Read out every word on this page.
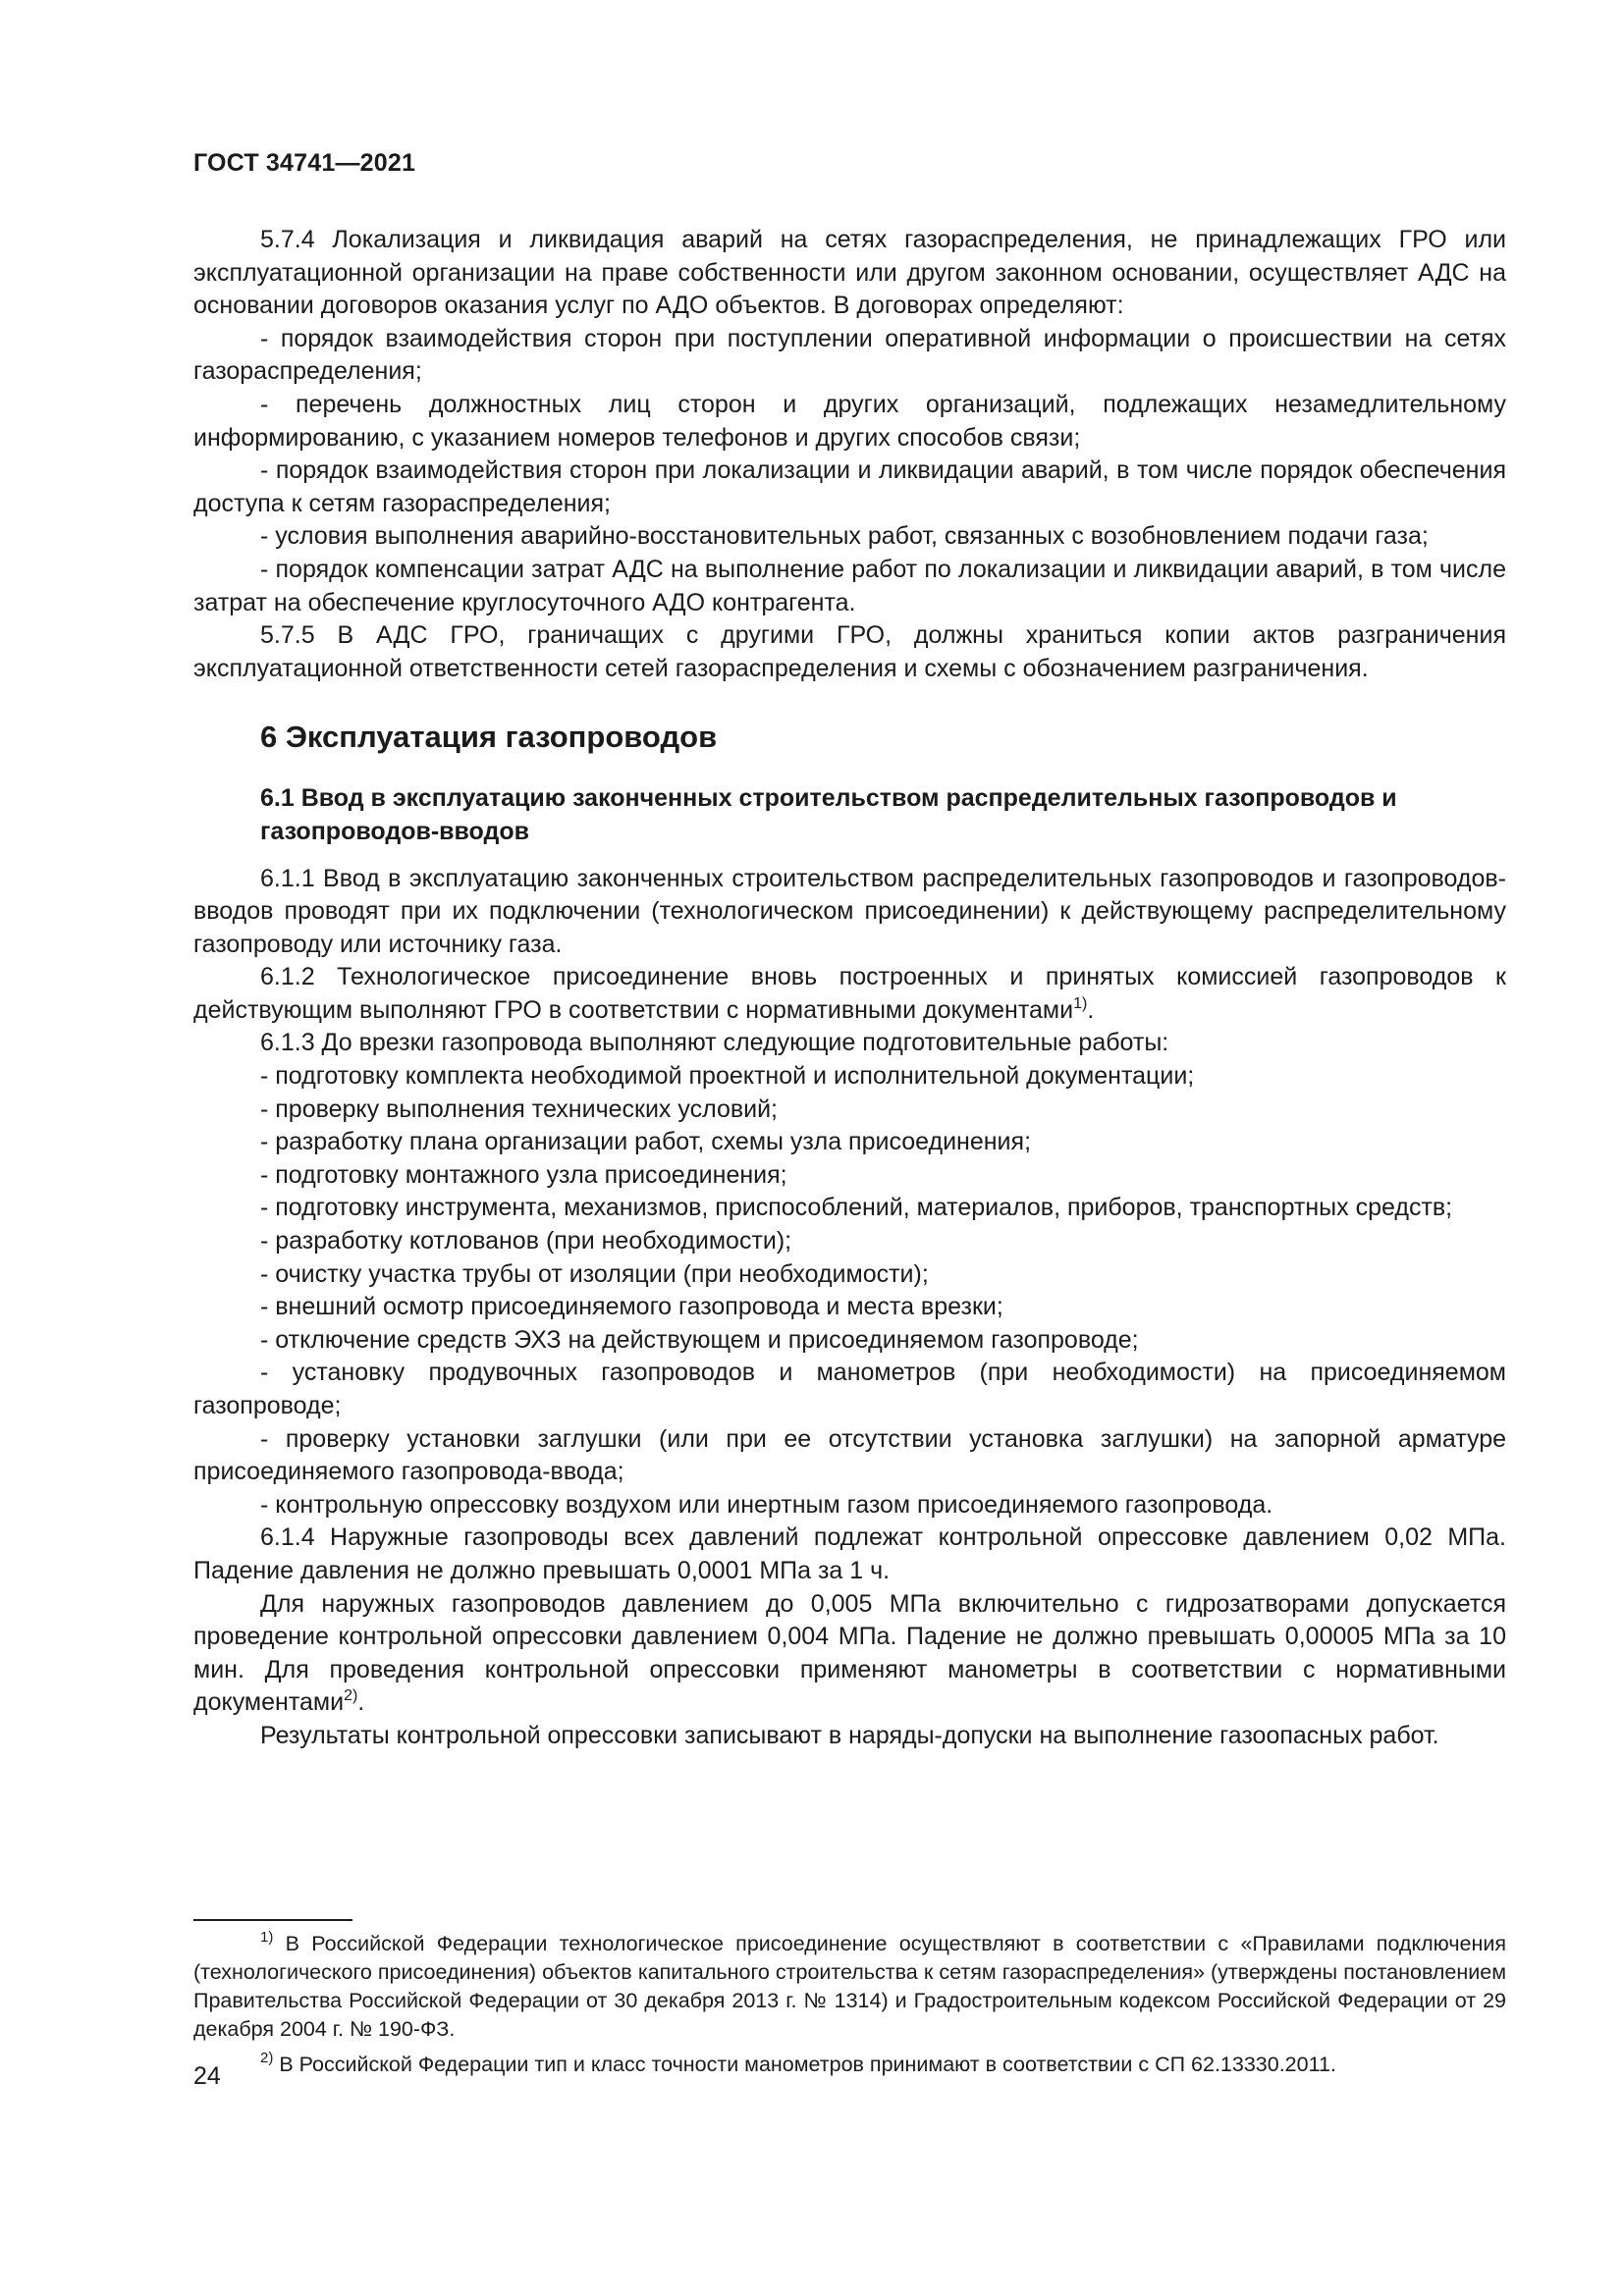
ГОСТ 34741—2021

5.7.4 Локализация и ликвидация аварий на сетях газораспределения, не принадлежащих ГРО или эксплуатационной организации на праве собственности или другом законном основании, осуществляет АДС на основании договоров оказания услуг по АДО объектов. В договорах определяют:

- порядок взаимодействия сторон при поступлении оперативной информации о происшествии на сетях газораспределения;

- перечень должностных лиц сторон и других организаций, подлежащих незамедлительному информированию, с указанием номеров телефонов и других способов связи;

- порядок взаимодействия сторон при локализации и ликвидации аварий, в том числе порядок обеспечения доступа к сетям газораспределения;

- условия выполнения аварийно-восстановительных работ, связанных с возобновлением подачи газа;

- порядок компенсации затрат АДС на выполнение работ по локализации и ликвидации аварий, в том числе затрат на обеспечение круглосуточного АДО контрагента.

5.7.5 В АДС ГРО, граничащих с другими ГРО, должны храниться копии актов разграничения эксплуатационной ответственности сетей газораспределения и схемы с обозначением разграничения.

6 Эксплуатация газопроводов
6.1 Ввод в эксплуатацию законченных строительством распределительных газопроводов и газопроводов-вводов

6.1.1 Ввод в эксплуатацию законченных строительством распределительных газопроводов и газопроводов-вводов проводят при их подключении (технологическом присоединении) к действующему распределительному газопроводу или источнику газа.

6.1.2 Технологическое присоединение вновь построенных и принятых комиссией газопроводов к действующим выполняют ГРО в соответствии с нормативными документами$^{1)}$.

6.1.3 До врезки газопровода выполняют следующие подготовительные работы:

- подготовку комплекта необходимой проектной и исполнительной документации;

- проверку выполнения технических условий;

- разработку плана организации работ, схемы узла присоединения;

- подготовку монтажного узла присоединения;

- подготовку инструмента, механизмов, приспособлений, материалов, приборов, транспортных средств;

- разработку котлованов (при необходимости);

- очистку участка трубы от изоляции (при необходимости);

- внешний осмотр присоединяемого газопровода и места врезки;

- отключение средств ЭХЗ на действующем и присоединяемом газопроводе;

- установку продувочных газопроводов и манометров (при необходимости) на присоединяемом газопроводе;

- проверку установки заглушки (или при ее отсутствии установка заглушки) на запорной арматуре присоединяемого газопровода-ввода;

- контрольную опрессовку воздухом или инертным газом присоединяемого газопровода.

6.1.4 Наружные газопроводы всех давлений подлежат контрольной опрессовке давлением 0,02 МПа. Падение давления не должно превышать 0,0001 МПа за 1 ч.

Для наружных газопроводов давлением до 0,005 МПа включительно с гидрозатворами допускается проведение контрольной опрессовки давлением 0,004 МПа. Падение не должно превышать 0,00005 МПа за 10 мин. Для проведения контрольной опрессовки применяют манометры в соответствии с нормативными документами$^{2)}$.

Результаты контрольной опрессовки записывают в наряды-допуски на выполнение газоопасных работ.

$^{1)}$ В Российской Федерации технологическое присоединение осуществляют в соответствии с «Правилами подключения (технологического присоединения) объектов капитального строительства к сетям газораспределения» (утверждены постановлением Правительства Российской Федерации от 30 декабря 2013 г. № 1314) и Градостроительным кодексом Российской Федерации от 29 декабря 2004 г. № 190-ФЗ.

$^{2)}$ В Российской Федерации тип и класс точности манометров принимают в соответствии с СП 62.13330.2011.

24
